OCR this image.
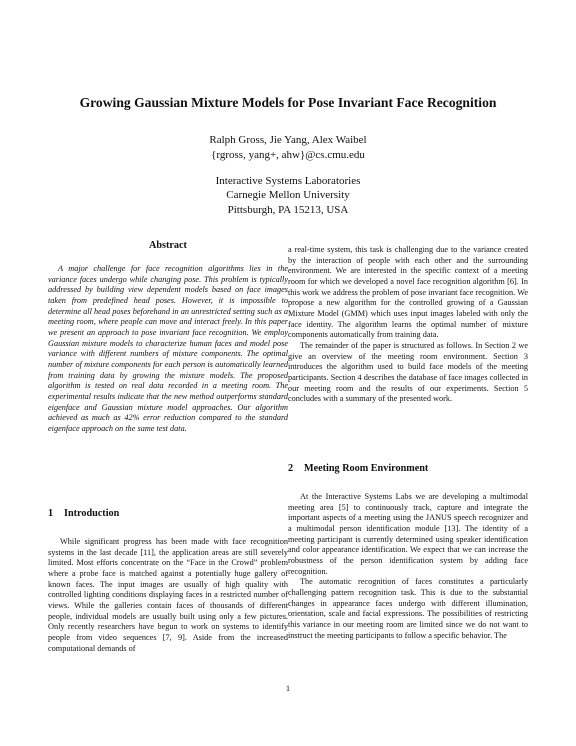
Growing Gaussian Mixture Models for Pose Invariant Face Recognition
Ralph Gross, Jie Yang, Alex Waibel
{rgross, yang+, ahw}@cs.cmu.edu
Interactive Systems Laboratories
Carnegie Mellon University
Pittsburgh, PA 15213, USA
Abstract

A major challenge for face recognition algorithms lies in the variance faces undergo while changing pose. This problem is typically addressed by building view dependent models based on face images taken from predefined head poses. However, it is impossible to determine all head poses beforehand in an unrestricted setting such as a meeting room, where people can move and interact freely. In this paper we present an approach to pose invariant face recognition. We employ Gaussian mixture models to characterize human faces and model pose variance with different numbers of mixture components. The optimal number of mixture components for each person is automatically learned from training data by growing the mixture models. The proposed algorithm is tested on real data recorded in a meeting room. The experimental results indicate that the new method outperforms standard eigenface and Gaussian mixture model approaches. Our algorithm achieved as much as 42% error reduction compared to the standard eigenface approach on the same test data.

1 Introduction

While significant progress has been made with face recognition systems in the last decade [11], the application areas are still severely limited. Most efforts concentrate on the “Face in the Crowd” problem where a probe face is matched against a potentially huge gallery of known faces. The input images are usually of high quality with controlled lighting conditions displaying faces in a restricted number of views. While the galleries contain faces of thousands of different people, individual models are usually built using only a few pictures. Only recently researchers have begun to work on systems to identify people from video sequences [7, 9]. Aside from the increased computational demands of

a real-time system, this task is challenging due to the variance created by the interaction of people with each other and the surrounding environment. We are interested in the specific context of a meeting room for which we developed a novel face recognition algorithm [6]. In this work we address the problem of pose invariant face recognition. We propose a new algorithm for the controlled growing of a Gaussian Mixture Model (GMM) which uses input images labeled with only the face identity. The algorithm learns the optimal number of mixture components automatically from training data.

The remainder of the paper is structured as follows. In Section 2 we give an overview of the meeting room environment. Section 3 introduces the algorithm used to build face models of the meeting participants. Section 4 describes the database of face images collected in our meeting room and the results of our experiments. Section 5 concludes with a summary of the presented work.

2 Meeting Room Environment

At the Interactive Systems Labs we are developing a multimodal meeting area [5] to continuously track, capture and integrate the important aspects of a meeting using the JANUS speech recognizer and a multimodal person identification module [13]. The identity of a meeting participant is currently determined using speaker identification and color appearance identification. We expect that we can increase the robustness of the person identification system by adding face recognition.

The automatic recognition of faces constitutes a particularly challenging pattern recognition task. This is due to the substantial changes in appearance faces undergo with different illumination, orientation, scale and facial expressions. The possibilities of restricting this variance in our meeting room are limited since we do not want to instruct the meeting participants to follow a specific behavior. The

1
